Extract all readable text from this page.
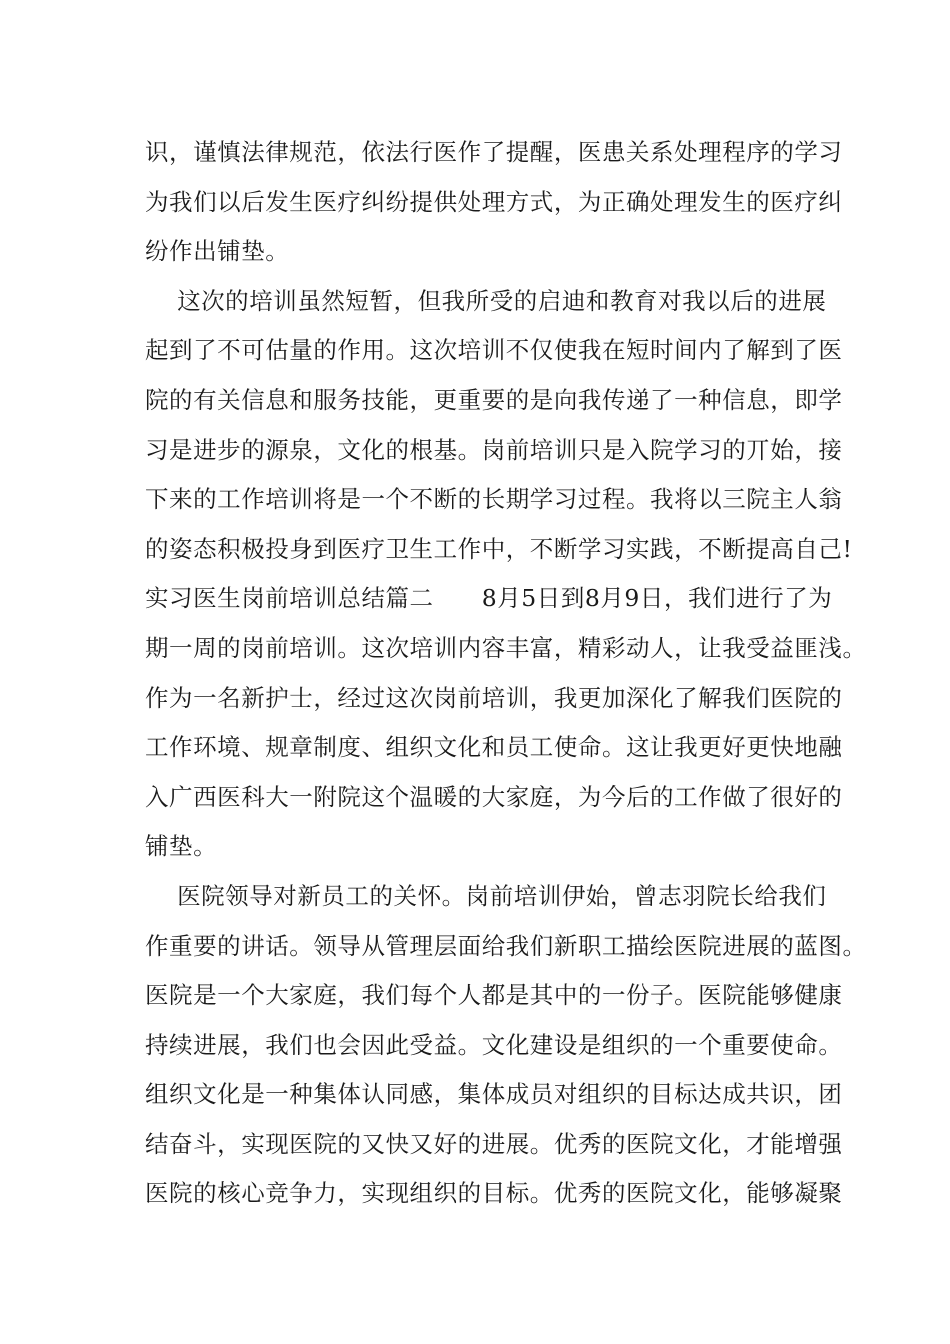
识，谨慎法律规范，依法行医作了提醒，医患关系处理程序的学习
为我们以后发生医疗纠纷提供处理方式，为正确处理发生的医疗纠
纷作出铺垫。
这次的培训虽然短暂，但我所受的启迪和教育对我以后的进展
起到了不可估量的作用。这次培训不仅使我在短时间内了解到了医
院的有关信息和服务技能，更重要的是向我传递了一种信息，即学
习是进步的源泉，文化的根基。岗前培训只是入院学习的丌始，接
下来的工作培训将是一个不断的长期学习过程。我将以三院主人翁
的姿态积极投身到医疗卫生工作中，不断学习实践，不断提高自己!
实习医生岗前培训总结篇二      8月5日到8月9日，我们进行了为
期一周的岗前培训。这次培训内容丰富，精彩动人，让我受益匪浅。
作为一名新护士，经过这次岗前培训，我更加深化了解我们医院的
工作环境、规章制度、组织文化和员工使命。这让我更好更快地融
入广西医科大一附院这个温暖的大家庭，为今后的工作做了很好的
铺垫。
医院领导对新员工的关怀。岗前培训伊始，曾志羽院长给我们
作重要的讲话。领导从管理层面给我们新职工描绘医院进展的蓝图。
医院是一个大家庭，我们每个人都是其中的一份子。医院能够健康
持续进展，我们也会因此受益。文化建设是组织的一个重要使命。
组织文化是一种集体认同感，集体成员对组织的目标达成共识，团
结奋斗，实现医院的又快又好的进展。优秀的医院文化，才能增强
医院的核心竞争力，实现组织的目标。优秀的医院文化，能够凝聚
